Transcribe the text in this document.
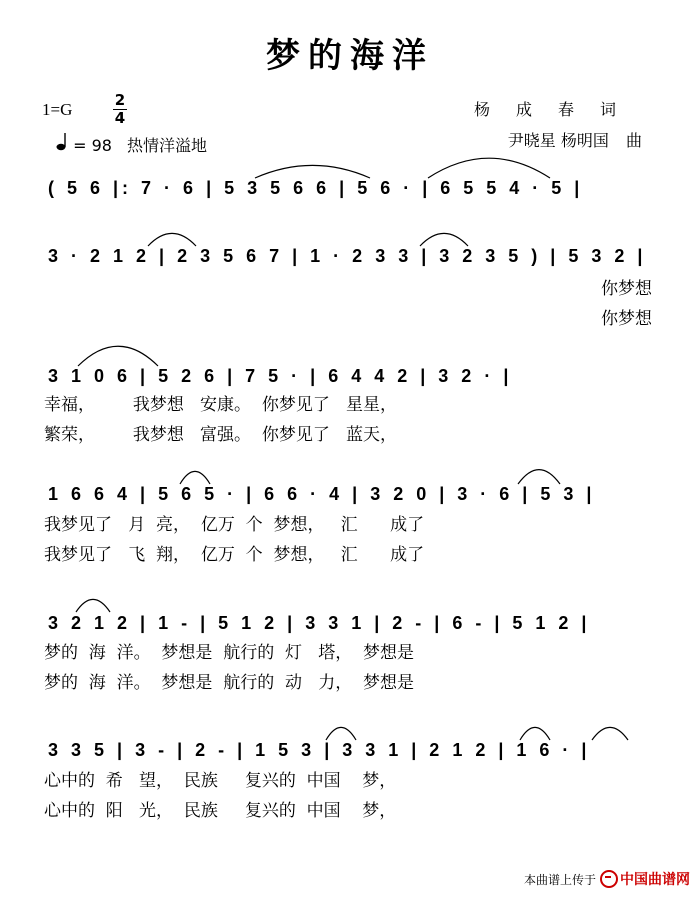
梦的海洋
1=G	2
4
= 98 热情洋溢地
杨成春词
尹晓星 杨明国 曲
( 5 6 |: 7 · 6 | 5 3 5 6 6 | 5 6 · | 6 5 5 4 · 5 |
3 · 2 1 2 | 2 3 5 6 7 | 1 · 2 3 3 | 3 2 3 5 ) | 5 3 2 |
3 1 0 6 | 5 2 6 | 7 5 · | 6 4 4 2 | 3 2 · |
1 6 6 4 | 5 6 5 · | 6 6 · 4 | 3 2 0 | 3 · 6 | 5 3 |
3 2 1 2 | 1 - | 5 1 2 | 3 3 1 | 2 - | 6 - | 5 1 2 |
3 3 5 | 3 - | 2 - | 1 5 3 | 3 3 1 | 2 1 2 | 1 6 · |
你梦想
你梦想
幸福，       我梦想   安康。  你梦见了   星星，
繁荣，       我梦想   富强。  你梦见了   蓝天，
我梦见了   月  亮，  亿万  个  梦想，   汇      成了
我梦见了   飞  翔，  亿万  个  梦想，   汇      成了
梦的  海  洋。  梦想是  航行的  灯   塔，  梦想是
梦的  海  洋。  梦想是  航行的  动   力，  梦想是
心中的  希   望，  民族     复兴的  中国    梦，
心中的  阳   光，  民族     复兴的  中国    梦，
本曲谱上传于 中国曲谱网
